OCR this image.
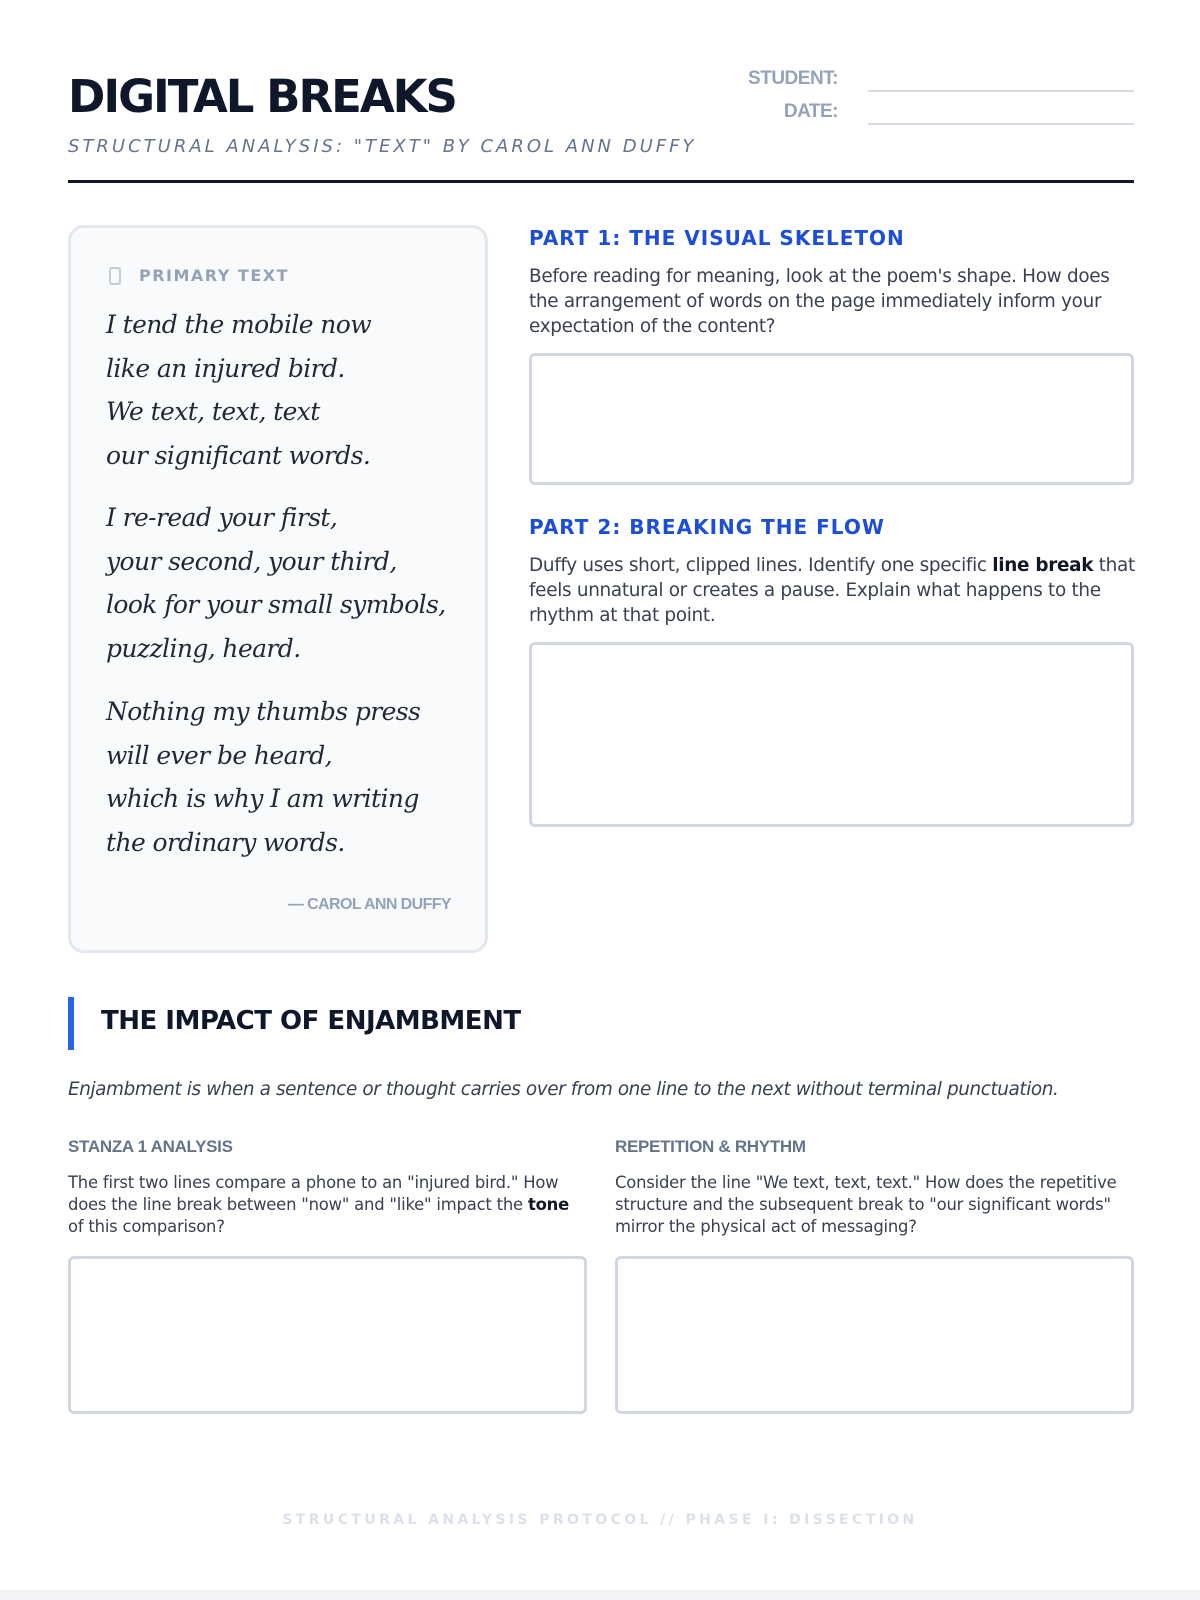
DIGITAL BREAKS
STRUCTURAL ANALYSIS: "TEXT" BY CAROL ANN DUFFY
STUDENT:
DATE:
PRIMARY TEXT
I tend the mobile now
like an injured bird.
We text, text, text
our significant words.
I re-read your first,
your second, your third,
look for your small symbols,
puzzling, heard.
Nothing my thumbs press
will ever be heard,
which is why I am writing
the ordinary words.
— CAROL ANN DUFFY
PART 1: THE VISUAL SKELETON
Before reading for meaning, look at the poem's shape. How does the arrangement of words on the page immediately inform your expectation of the content?
PART 2: BREAKING THE FLOW
Duffy uses short, clipped lines. Identify one specific line break that feels unnatural or creates a pause. Explain what happens to the rhythm at that point.
THE IMPACT OF ENJAMBMENT
Enjambment is when a sentence or thought carries over from one line to the next without terminal punctuation.
STANZA 1 ANALYSIS
The first two lines compare a phone to an "injured bird." How does the line break between "now" and "like" impact the tone of this comparison?
REPETITION & RHYTHM
Consider the line "We text, text, text." How does the repetitive structure and the subsequent break to "our significant words" mirror the physical act of messaging?
STRUCTURAL ANALYSIS PROTOCOL // PHASE I: DISSECTION
